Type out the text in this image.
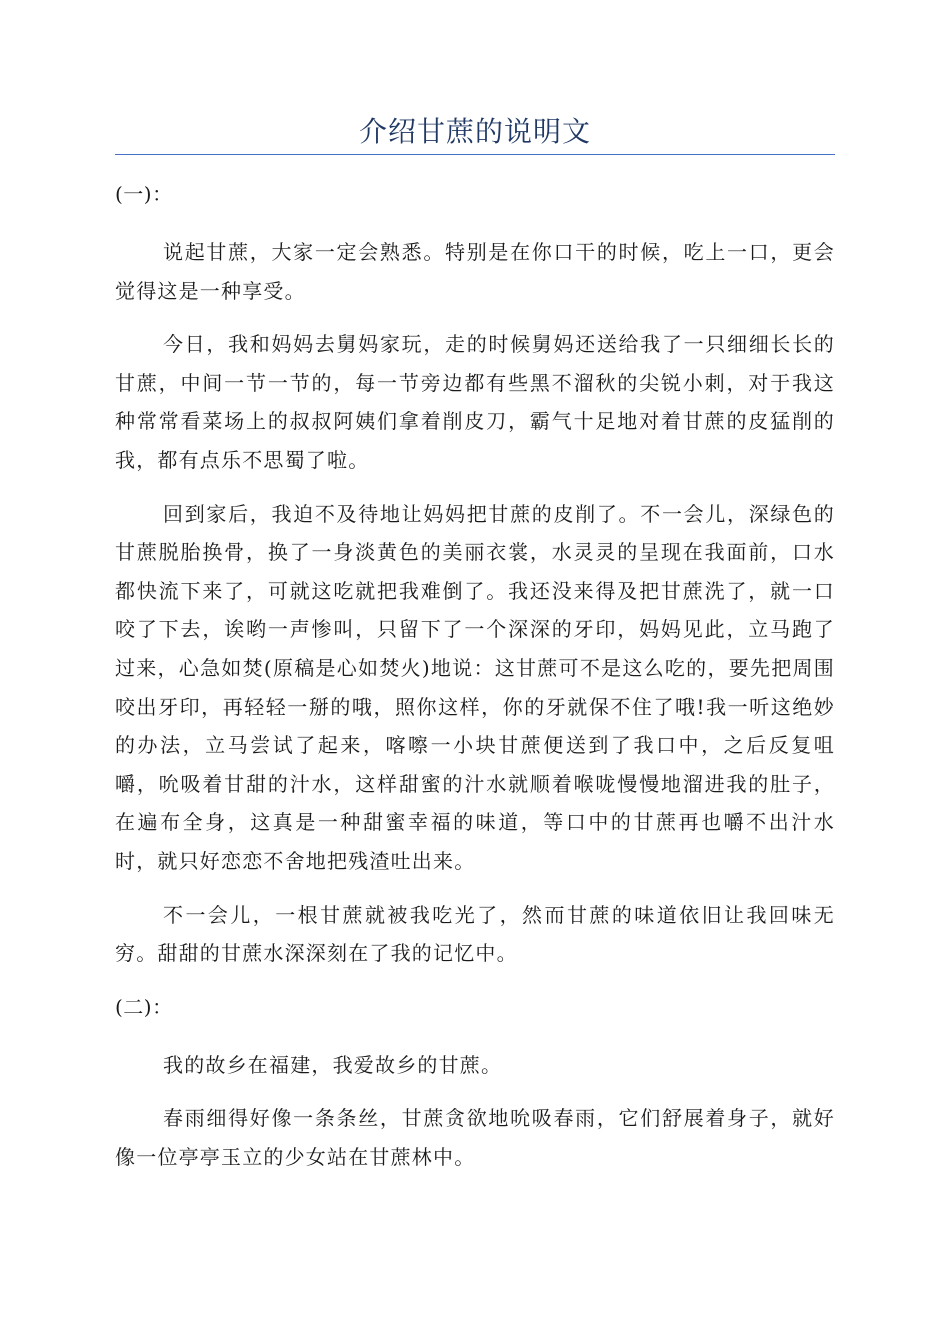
介绍甘蔗的说明文
(一)：

说起甘蔗，大家一定会熟悉。特别是在你口干的时候，吃上一口，更会觉得这是一种享受。

今日，我和妈妈去舅妈家玩，走的时候舅妈还送给我了一只细细长长的甘蔗，中间一节一节的，每一节旁边都有些黑不溜秋的尖锐小刺，对于我这种常常看菜场上的叔叔阿姨们拿着削皮刀，霸气十足地对着甘蔗的皮猛削的我，都有点乐不思蜀了啦。

回到家后，我迫不及待地让妈妈把甘蔗的皮削了。不一会儿，深绿色的甘蔗脱胎换骨，换了一身淡黄色的美丽衣裳，水灵灵的呈现在我面前，口水都快流下来了，可就这吃就把我难倒了。我还没来得及把甘蔗洗了，就一口咬了下去，诶哟一声惨叫，只留下了一个深深的牙印，妈妈见此，立马跑了过来，心急如焚(原稿是心如焚火)地说：这甘蔗可不是这么吃的，要先把周围咬出牙印，再轻轻一掰的哦，照你这样，你的牙就保不住了哦!我一听这绝妙的办法，立马尝试了起来，喀嚓一小块甘蔗便送到了我口中，之后反复咀嚼，吮吸着甘甜的汁水，这样甜蜜的汁水就顺着喉咙慢慢地溜进我的肚子，在遍布全身，这真是一种甜蜜幸福的味道，等口中的甘蔗再也嚼不出汁水时，就只好恋恋不舍地把残渣吐出来。

不一会儿，一根甘蔗就被我吃光了，然而甘蔗的味道依旧让我回味无穷。甜甜的甘蔗水深深刻在了我的记忆中。

(二)：

我的故乡在福建，我爱故乡的甘蔗。

春雨细得好像一条条丝，甘蔗贪欲地吮吸春雨，它们舒展着身子，就好像一位亭亭玉立的少女站在甘蔗林中。
